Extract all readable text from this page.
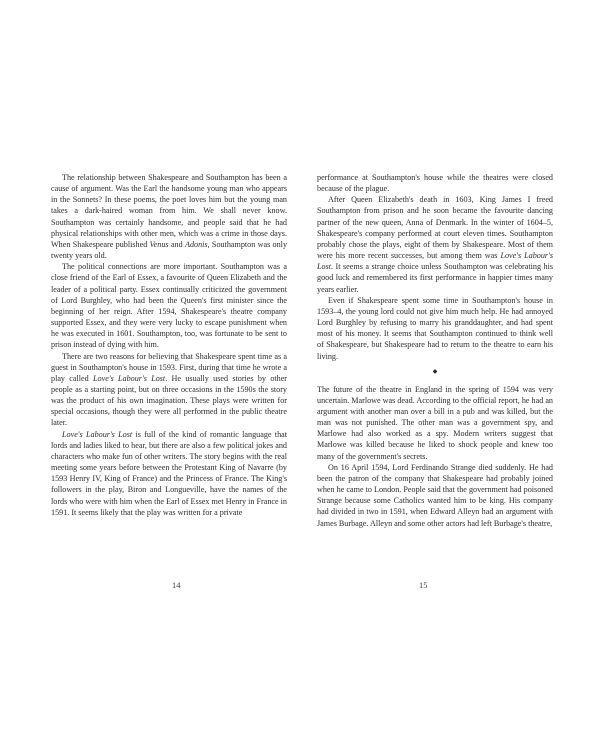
The relationship between Shakespeare and Southampton has been a cause of argument. Was the Earl the handsome young man who appears in the Sonnets? In these poems, the poet loves him but the young man takes a dark-haired woman from him. We shall never know. Southampton was certainly handsome, and people said that he had physical relationships with other men, which was a crime in those days. When Shakespeare published Venus and Adonis, Southampton was only twenty years old.

The political connections are more important. Southampton was a close friend of the Earl of Essex, a favourite of Queen Elizabeth and the leader of a political party. Essex continually criticized the government of Lord Burghley, who had been the Queen's first minister since the beginning of her reign. After 1594, Shakespeare's theatre company supported Essex, and they were very lucky to escape punishment when he was executed in 1601. Southampton, too, was fortunate to be sent to prison instead of dying with him.

There are two reasons for believing that Shakespeare spent time as a guest in Southampton's house in 1593. First, during that time he wrote a play called Love's Labour's Lost. He usually used stories by other people as a starting point, but on three occasions in the 1590s the story was the product of his own imagination. These plays were written for special occasions, though they were all performed in the public theatre later.

Love's Labour's Lost is full of the kind of romantic language that lords and ladies liked to hear, but there are also a few political jokes and characters who make fun of other writers. The story begins with the real meeting some years before between the Protestant King of Navarre (by 1593 Henry IV, King of France) and the Princess of France. The King's followers in the play, Biron and Longueville, have the names of the lords who were with him when the Earl of Essex met Henry in France in 1591. It seems likely that the play was written for a private

14

performance at Southampton's house while the theatres were closed because of the plague.

After Queen Elizabeth's death in 1603, King James I freed Southampton from prison and he soon became the favourite dancing partner of the new queen, Anna of Denmark. In the winter of 1604–5, Shakespeare's company performed at court eleven times. Southampton probably chose the plays, eight of them by Shakespeare. Most of them were his more recent successes, but among them was Love's Labour's Lost. It seems a strange choice unless Southampton was celebrating his good luck and remembered its first performance in happier times many years earlier.

Even if Shakespeare spent some time in Southampton's house in 1593–4, the young lord could not give him much help. He had annoyed Lord Burghley by refusing to marry his granddaughter, and had spent most of his money. It seems that Southampton continued to think well of Shakespeare, but Shakespeare had to return to the theatre to earn his living.

◆

The future of the theatre in England in the spring of 1594 was very uncertain. Marlowe was dead. According to the official report, he had an argument with another man over a bill in a pub and was killed, but the man was not punished. The other man was a government spy, and Marlowe had also worked as a spy. Modern writers suggest that Marlowe was killed because he liked to shock people and knew too many of the government's secrets.

On 16 April 1594, Lord Ferdinando Strange died suddenly. He had been the patron of the company that Shakespeare had probably joined when he came to London. People said that the government had poisoned Strange because some Catholics wanted him to be king. His company had divided in two in 1591, when Edward Alleyn had an argument with James Burbage. Alleyn and some other actors had left Burbage's theatre,

15
